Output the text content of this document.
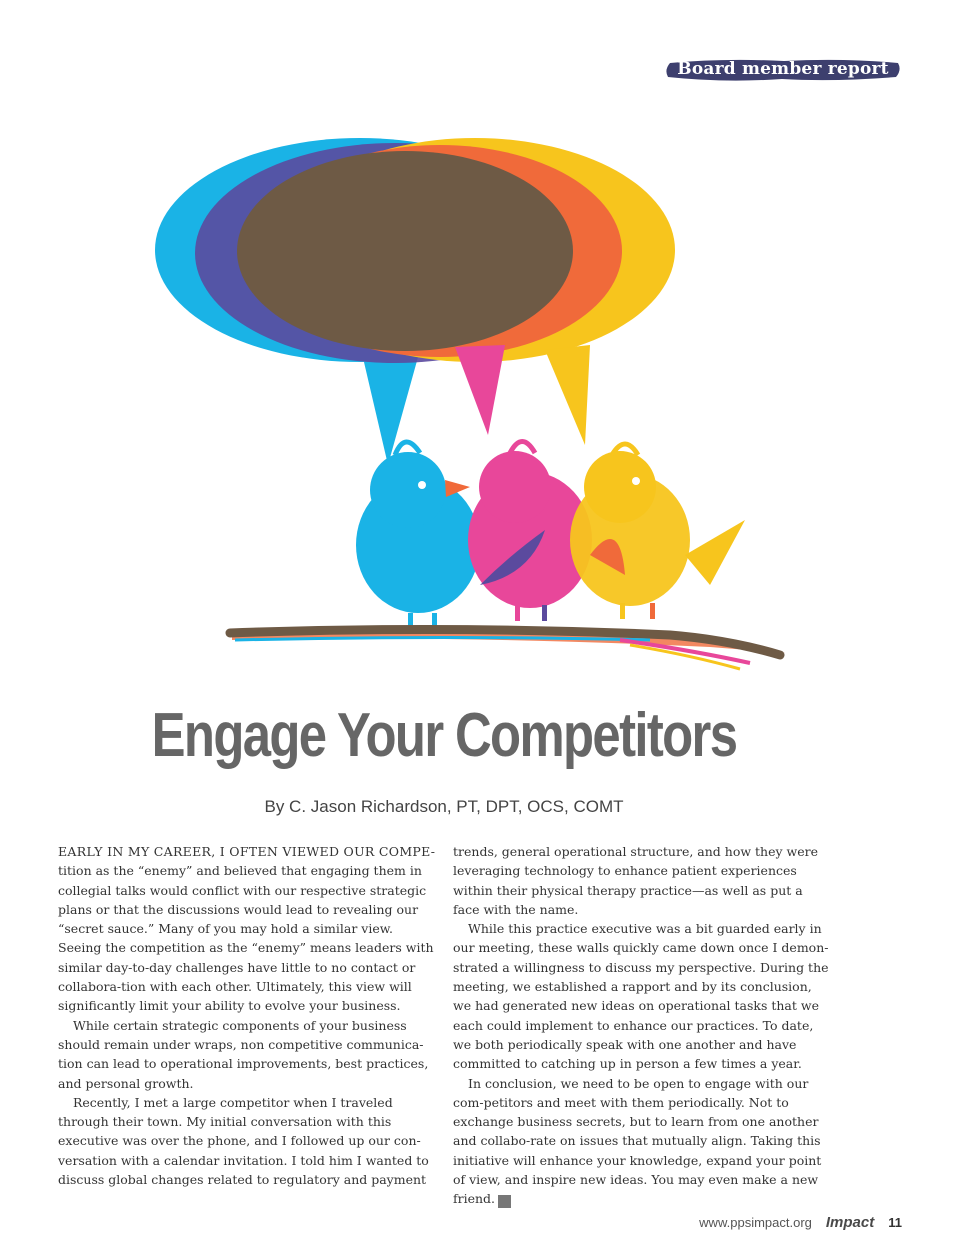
Board member report
Engage Your Competitors
By C. Jason Richardson, PT, DPT, OCS, COMT

EARLY IN MY CAREER, I OFTEN VIEWED OUR COMPE- tition as the “enemy” and believed that engaging them in collegial talks would conflict with our respective strategic plans or that the discussions would lead to revealing our “secret sauce.” Many of you may hold a similar view. Seeing the competition as the “enemy” means leaders with similar day-to-day challenges have little to no contact or collabora-tion with each other. Ultimately, this view will significantly limit your ability to evolve your business.

While certain strategic components of your business should remain under wraps, non competitive communica-tion can lead to operational improvements, best practices, and personal growth.

Recently, I met a large competitor when I traveled through their town. My initial conversation with this executive was over the phone, and I followed up our con-versation with a calendar invitation. I told him I wanted to discuss global changes related to regulatory and payment

trends, general operational structure, and how they were leveraging technology to enhance patient experiences within their physical therapy practice—as well as put a face with the name.

While this practice executive was a bit guarded early in our meeting, these walls quickly came down once I demon-strated a willingness to discuss my perspective. During the meeting, we established a rapport and by its conclusion, we had generated new ideas on operational tasks that we each could implement to enhance our practices. To date, we both periodically speak with one another and have committed to catching up in person a few times a year.

In conclusion, we need to be open to engage with our com-petitors and meet with them periodically. Not to exchange business secrets, but to learn from one another and collabo-rate on issues that mutually align. Taking this initiative will enhance your knowledge, expand your point of view, and inspire new ideas. You may even make a new friend. I

www.ppsimpact.org Impact 11
